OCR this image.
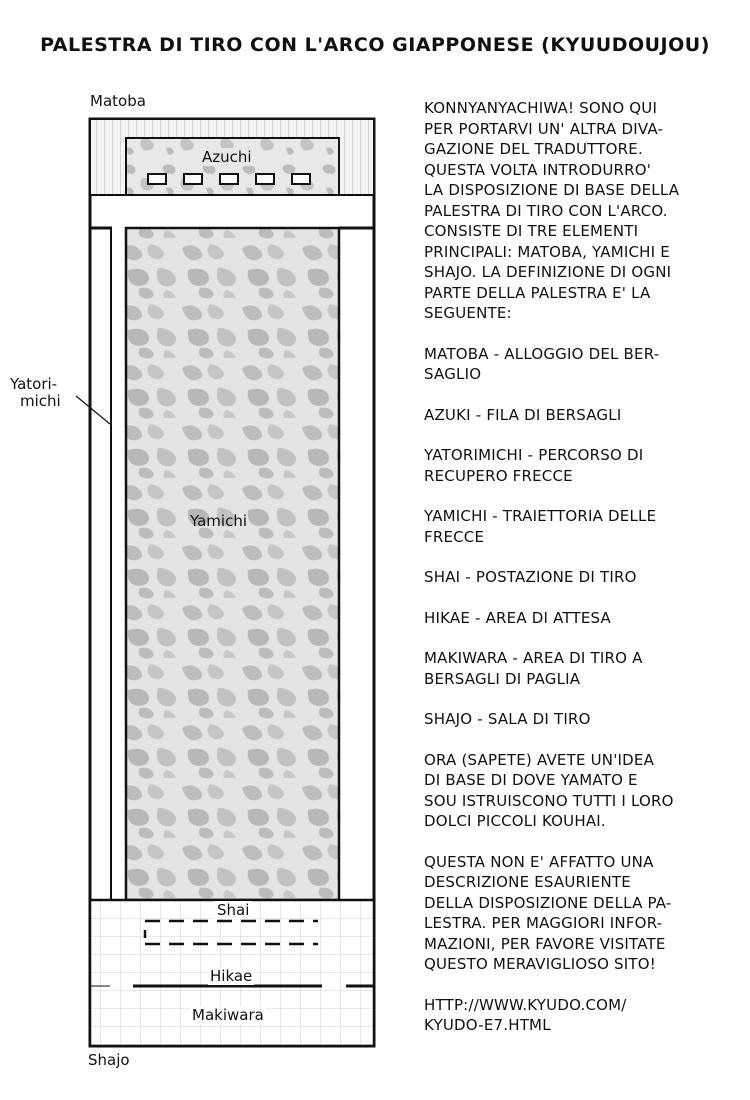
PALESTRA DI TIRO CON L'ARCO GIAPPONESE (KYUUDOUJOU)
Matoba
Azuchi
Yatori-
michi
Yamichi
Shai
Hikae
Makiwara
Shajo

KONNYANYACHIWA! SONO QUI
PER PORTARVI UN' ALTRA DIVA-
GAZIONE DEL TRADUTTORE.
QUESTA VOLTA INTRODURRO'
LA DISPOSIZIONE DI BASE DELLA
PALESTRA DI TIRO CON L'ARCO.
CONSISTE DI TRE ELEMENTI
PRINCIPALI: MATOBA, YAMICHI E
SHAJO. LA DEFINIZIONE DI OGNI
PARTE DELLA PALESTRA E' LA
SEGUENTE:

MATOBA - ALLOGGIO DEL BER-
SAGLIO

AZUKI - FILA DI BERSAGLI

YATORIMICHI - PERCORSO DI
RECUPERO FRECCE

YAMICHI - TRAIETTORIA DELLE
FRECCE

SHAI - POSTAZIONE DI TIRO

HIKAE - AREA DI ATTESA

MAKIWARA - AREA DI TIRO A
BERSAGLI DI PAGLIA

SHAJO - SALA DI TIRO

ORA (SAPETE) AVETE UN'IDEA
DI BASE DI DOVE YAMATO E
SOU ISTRUISCONO TUTTI I LORO
DOLCI PICCOLI KOUHAI.

QUESTA NON E' AFFATTO UNA
DESCRIZIONE ESAURIENTE
DELLA DISPOSIZIONE DELLA PA-
LESTRA. PER MAGGIORI INFOR-
MAZIONI, PER FAVORE VISITATE
QUESTO MERAVIGLIOSO SITO!

HTTP://WWW.KYUDO.COM/
KYUDO-E7.HTML
